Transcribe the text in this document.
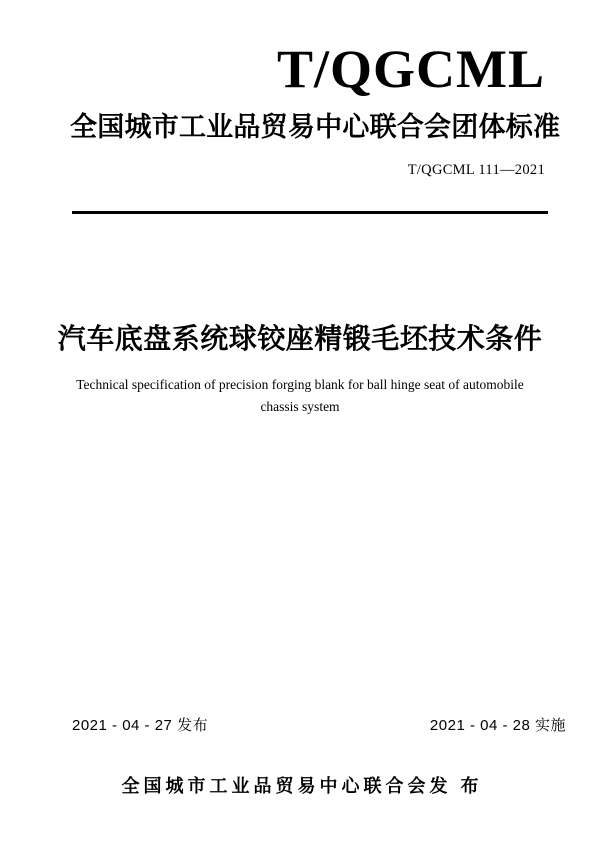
T/QGCML
全国城市工业品贸易中心联合会团体标准
T/QGCML 111—2021
汽车底盘系统球铰座精锻毛坯技术条件
Technical specification of precision forging blank for ball hinge seat of automobile
chassis system
2021 - 04 - 27 发布	2021 - 04 - 28 实施
全国城市工业品贸易中心联合会发 布
